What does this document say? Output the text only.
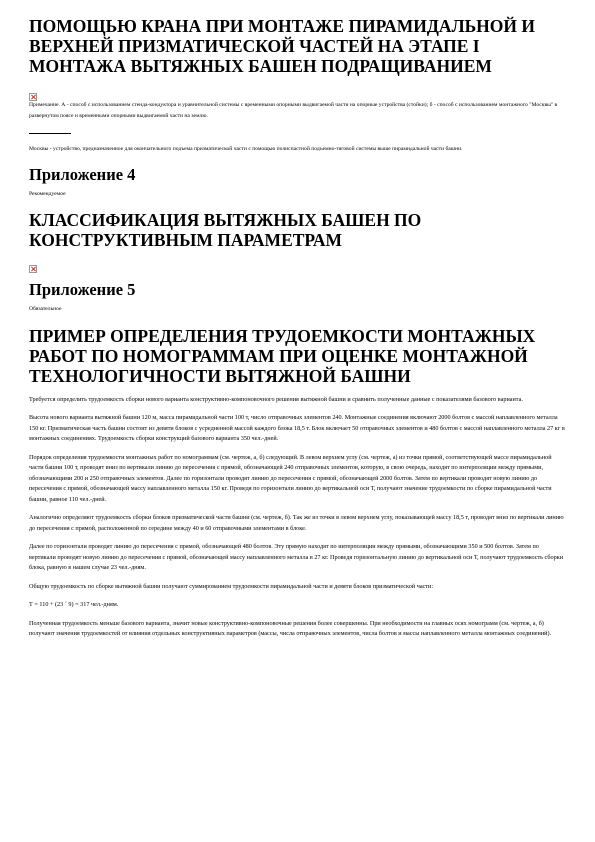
ПОМОЩЬЮ КРАНА ПРИ МОНТАЖЕ ПИРАМИДАЛЬНОЙ И ВЕРХНЕЙ ПРИЗМАТИЧЕСКОЙ ЧАСТЕЙ НА ЭТАПЕ I МОНТАЖА ВЫТЯЖНЫХ БАШЕН ПОДРАЩИВАНИЕМ

Примечание. А - способ с использованием стенда-кондуктора и уравнительной системы с временными опорными выдвигаемой части на опорные устройства (стойки); б - способ с использованием монтажного "Москвы" в развернутом поясе и временными опорными выдвигаемой части на землю.

Москвы - устройство, предназначенное для окончательного подъема призматической части с помощью полиспастной подъемно-тяговой системы выше пирамидальной части башни.

Приложение 4

Рекомендуемое

КЛАССИФИКАЦИЯ ВЫТЯЖНЫХ БАШЕН ПО КОНСТРУКТИВНЫМ ПАРАМЕТРАМ
Приложение 5

Обязательное

ПРИМЕР ОПРЕДЕЛЕНИЯ ТРУДОЕМКОСТИ МОНТАЖНЫХ РАБОТ ПО НОМОГРАММАМ ПРИ ОЦЕНКЕ МОНТАЖНОЙ ТЕХНОЛОГИЧНОСТИ ВЫТЯЖНОЙ БАШНИ

Требуется определить трудоемкость сборки нового варианта конструктивно-компоновочного решения вытяжной башни и сравнить полученные данные с показателями базового варианта.

Высота нового варианта вытяжной башни 120 м, масса пирамидальной части 100 т, число отправочных элементов 240. Монтажные соединения включают 2000 болтов с массой наплавленного металла 150 кг. Призматическая часть башни состоит из девяти блоков с усредненной массой каждого блока 18,5 т. Блок включает 50 отправочных элементов и 480 болтов с массой наплавленного металла 27 кг в монтажных соединениях. Трудоемкость сборки конструкций базового варианта 350 чел.-дней.

Порядок определения трудоемкости монтажных работ по номограммам (см. чертеж, а, б) следующий. В левом верхнем углу (см. чертеж, а) из точки прямой, соответствующей массе пирамидальной части башни 100 т, проводят вниз по вертикали линию до пересечения с прямой, обозначающей 240 отправочных элементов, которую, в свою очередь, находят по интерполяции между прямыми, обозначающими 200 и 250 отправочных элементов. Далее по горизонтали проводят линию до пересечения с прямой, обозначающей 2000 болтов. Затем по вертикали проводят новую линию до пересечения с прямой, обозначающей массу наплавленного металла 150 кг. Проведя по горизонтали линию до вертикальной оси Т, получают значение трудоемкости по сборке пирамидальной части башни, равное 110 чел.-дней.

Аналогично определяют трудоемкость сборки блоков призматической части башни (см. чертеж, б). Так же из точки в левом верхнем углу, показывающей массу 18,5 т, проводят вниз по вертикали линию до пересечения с прямой, расположенной по середине между 40 и 60 отправочными элементами в блоке.

Далее по горизонтали проводят линию до пересечения с прямой, обозначающей 480 болтов. Эту прямую находят по интерполяции между прямыми, обозначающими 350 и 500 болтов. Затем по вертикали проводят новую линию до пересечения с прямой, обозначающей массу наплавленного металла в 27 кг. Проведя горизонтальную линию до вертикальной оси Т, получают трудоемкость сборки блока, равную в нашем случае 23 чел.-дням.

Общую трудоемкость по сборке вытяжной башни получают суммированием трудоемкости пирамидальной части и девяти блоков призматической части:

Т = 110 + (23 ´ 9) = 317 чел.-дням.

Полученная трудоемкость меньше базового варианта, значит новые конструктивно-компоновочные решения более совершенны. При необходимости на главных осях номограмм (см. чертеж, а, б) получают значения трудоемкостей от влияния отдельных конструктивных параметров (массы, числа отправочных элементов, числа болтов и массы наплавленного металла монтажных соединений).
